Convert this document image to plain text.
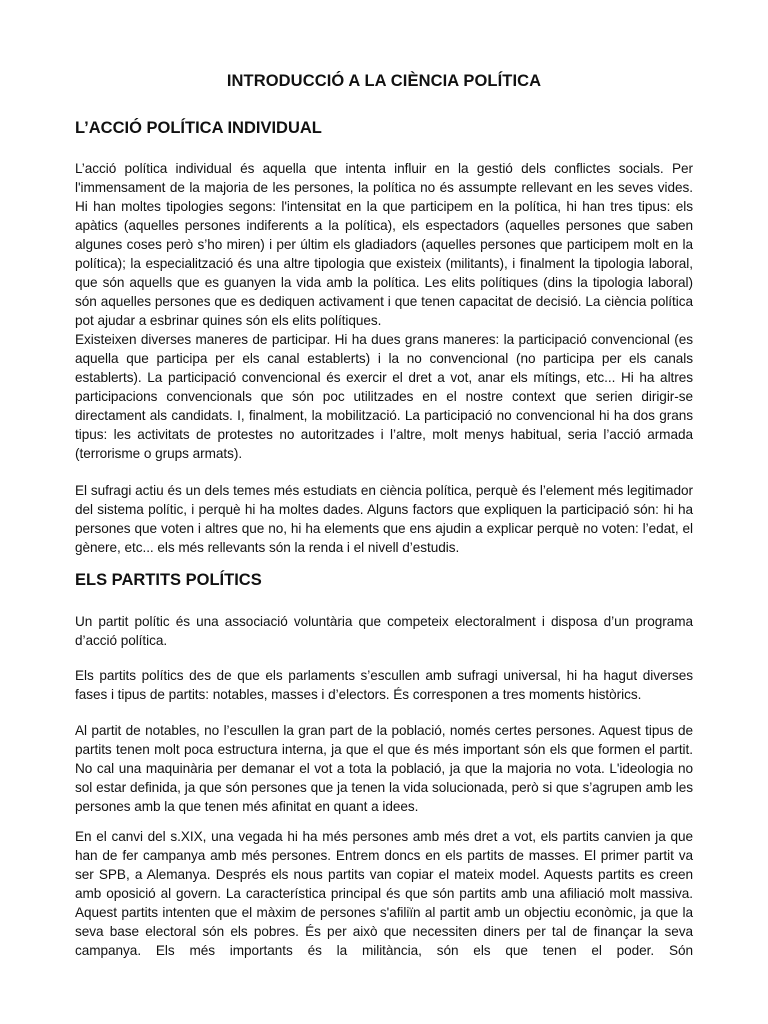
INTRODUCCIÓ A LA CIÈNCIA POLÍTICA
L’ACCIÓ POLÍTICA INDIVIDUAL

L’acció política individual és aquella que intenta influir en la gestió dels conflictes socials. Per l'immensament de la majoria de les persones, la política no és assumpte rellevant en les seves vides. Hi han moltes tipologies segons: l'intensitat en la que participem en la política, hi han tres tipus: els apàtics (aquelles persones indiferents a la política), els espectadors (aquelles persones que saben algunes coses però s’ho miren) i per últim els gladiadors (aquelles persones que participem molt en la política); la especialització és una altre tipologia que existeix (militants), i finalment la tipologia laboral, que són aquells que es guanyen la vida amb la política. Les elits polítiques (dins la tipologia laboral) són aquelles persones que es dediquen activament i que tenen capacitat de decisió. La ciència política pot ajudar a esbrinar quines són els elits polítiques.

Existeixen diverses maneres de participar. Hi ha dues grans maneres: la participació convencional (es aquella que participa per els canal establerts) i la no convencional (no participa per els canals establerts). La participació convencional és exercir el dret a vot, anar els mítings, etc... Hi ha altres participacions convencionals que són poc utilitzades en el nostre context que serien dirigir-se directament als candidats. I, finalment, la mobilització. La participació no convencional hi ha dos grans tipus: les activitats de protestes no autoritzades i l’altre, molt menys habitual, seria l’acció armada (terrorisme o grups armats).

El sufragi actiu és un dels temes més estudiats en ciència política, perquè és l’element més legitimador del sistema polític, i perquè hi ha moltes dades. Alguns factors que expliquen la participació són: hi ha persones que voten i altres que no, hi ha elements que ens ajudin a explicar perquè no voten: l’edat, el gènere, etc... els més rellevants són la renda i el nivell d’estudis.

ELS PARTITS POLÍTICS

Un partit polític és una associació voluntària que competeix electoralment i disposa d’un programa d’acció política.

Els partits polítics des de que els parlaments s’escullen amb sufragi universal, hi ha hagut diverses fases i tipus de partits: notables, masses i d’electors. És corresponen a tres moments històrics.

Al partit de notables, no l’escullen la gran part de la població, només certes persones. Aquest tipus de partits tenen molt poca estructura interna, ja que el que és més important són els que formen el partit. No cal una maquinària per demanar el vot a tota la població, ja que la majoria no vota. L'ideologia no sol estar definida, ja que són persones que ja tenen la vida solucionada, però si que s’agrupen amb les persones amb la que tenen més afinitat en quant a idees.

En el canvi del s.XIX, una vegada hi ha més persones amb més dret a vot, els partits canvien ja que han de fer campanya amb més persones. Entrem doncs en els partits de masses. El primer partit va ser SPB, a Alemanya. Després els nous partits van copiar el mateix model. Aquests partits es creen amb oposició al govern. La característica principal és que són partits amb una afiliació molt massiva. Aquest partits intenten que el màxim de persones s'afiliïn al partit amb un objectiu econòmic, ja que la seva base electoral són els pobres. És per això que necessiten diners per tal de finançar la seva campanya. Els més importants és la militància, són els que tenen el poder. Són
